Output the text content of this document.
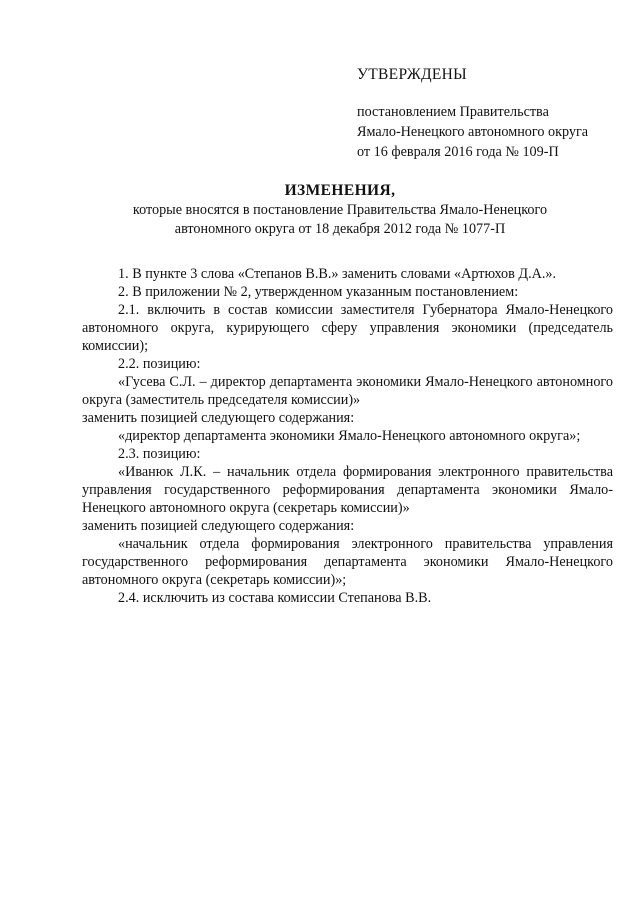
УТВЕРЖДЕНЫ
постановлением Правительства
Ямало-Ненецкого автономного округа
от 16 февраля 2016 года № 109-П
ИЗМЕНЕНИЯ,
которые вносятся в постановление Правительства Ямало-Ненецкого
автономного округа от 18 декабря 2012 года № 1077-П

1. В пункте 3 слова «Степанов В.В.» заменить словами «Артюхов Д.А.».

2. В приложении № 2, утвержденном указанным постановлением:

2.1. включить в состав комиссии заместителя Губернатора Ямало-Ненецкого автономного округа, курирующего сферу управления экономики (председатель комиссии);

2.2. позицию:

«Гусева С.Л. – директор департамента экономики Ямало-Ненецкого автономного округа (заместитель председателя комиссии)»

заменить позицией следующего содержания:

«директор департамента экономики Ямало-Ненецкого автономного округа»;

2.3. позицию:

«Иванюк Л.К. – начальник отдела формирования электронного правительства управления государственного реформирования департамента экономики Ямало-Ненецкого автономного округа (секретарь комиссии)»

заменить позицией следующего содержания:

«начальник отдела формирования электронного правительства управления государственного реформирования департамента экономики Ямало-Ненецкого автономного округа (секретарь комиссии)»;

2.4. исключить из состава комиссии Степанова В.В.
